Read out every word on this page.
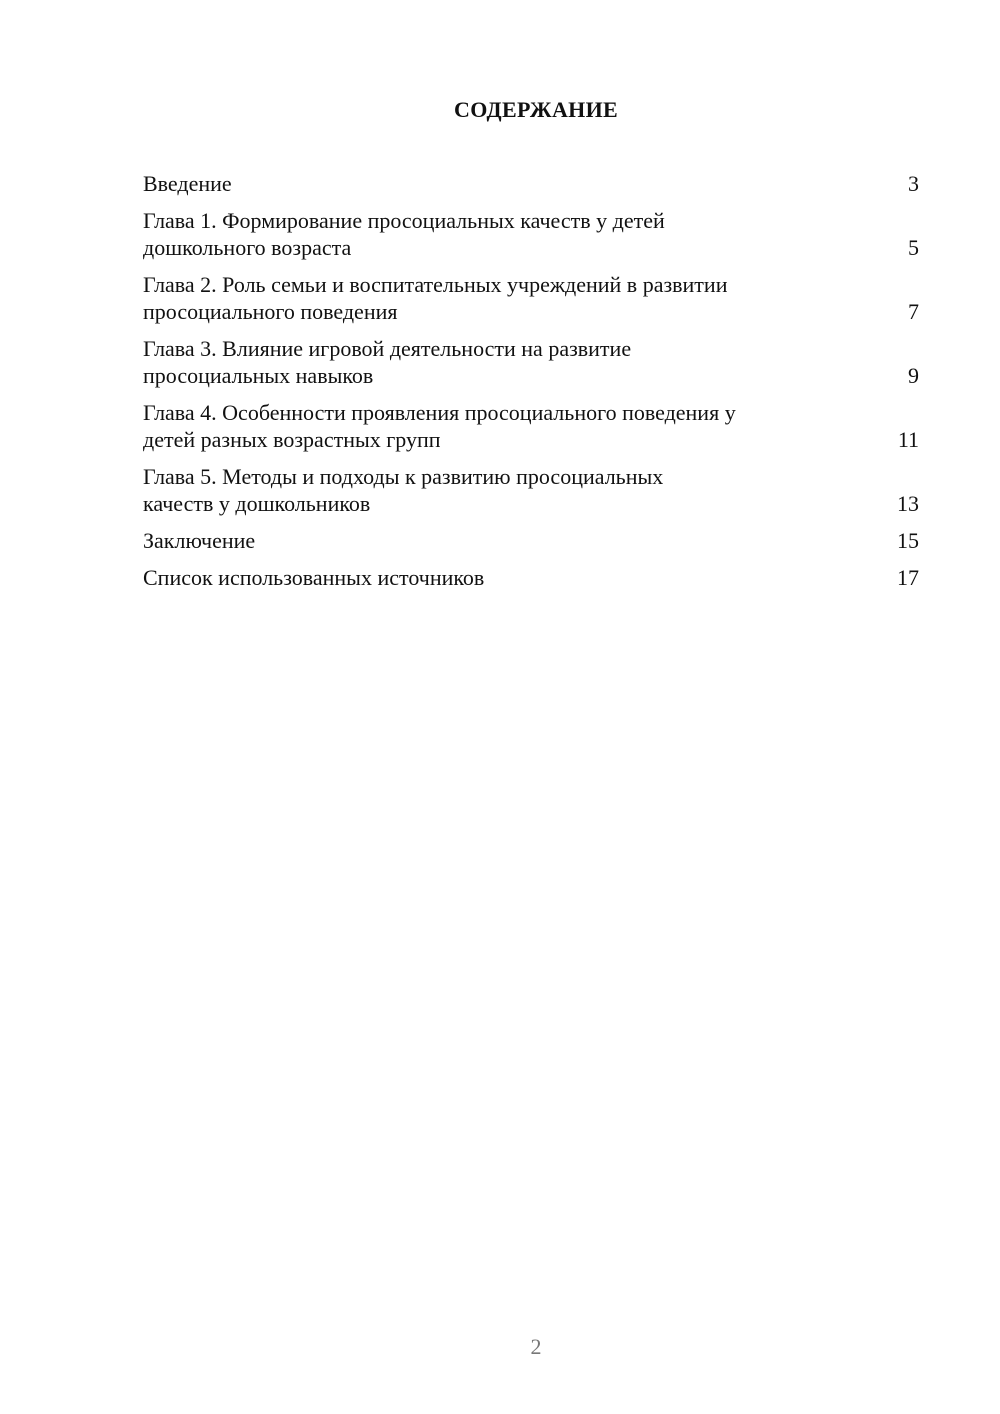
СОДЕРЖАНИЕ
Введение	3
Глава 1. Формирование просоциальных качеств у детей
дошкольного возраста	5
Глава 2. Роль семьи и воспитательных учреждений в развитии
просоциального поведения	7
Глава 3. Влияние игровой деятельности на развитие
просоциальных навыков	9
Глава 4. Особенности проявления просоциального поведения у
детей разных возрастных групп	11
Глава 5. Методы и подходы к развитию просоциальных
качеств у дошкольников	13
Заключение	15
Список использованных источников	17
2
